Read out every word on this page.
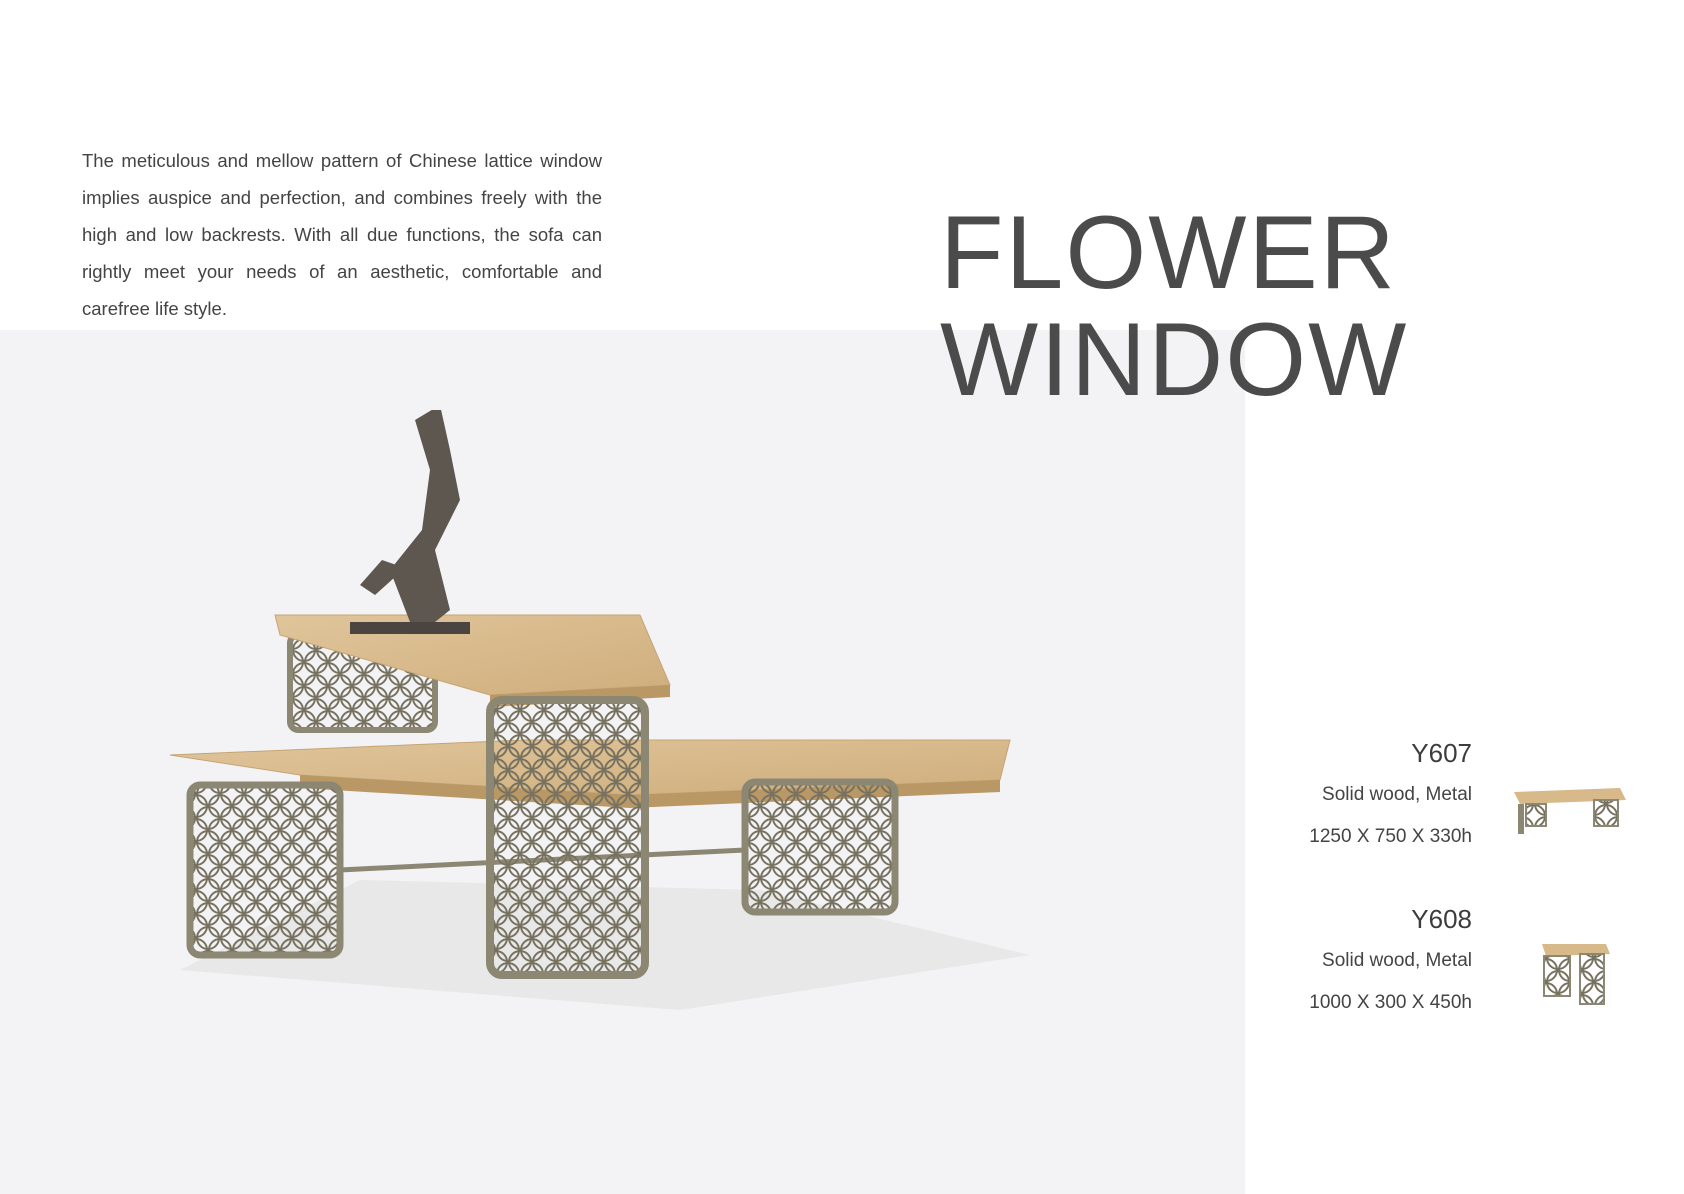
The meticulous and mellow pattern of Chinese lattice window implies auspice and perfection, and combines freely with the high and low backrests. With all due functions, the sofa can rightly meet your needs of an aesthetic, comfortable and carefree life style.	FLOWER
WINDOW
Y607
Solid wood, Metal
1250 X 750 X 330h
Y608
Solid wood, Metal
1000 X 300 X 450h
